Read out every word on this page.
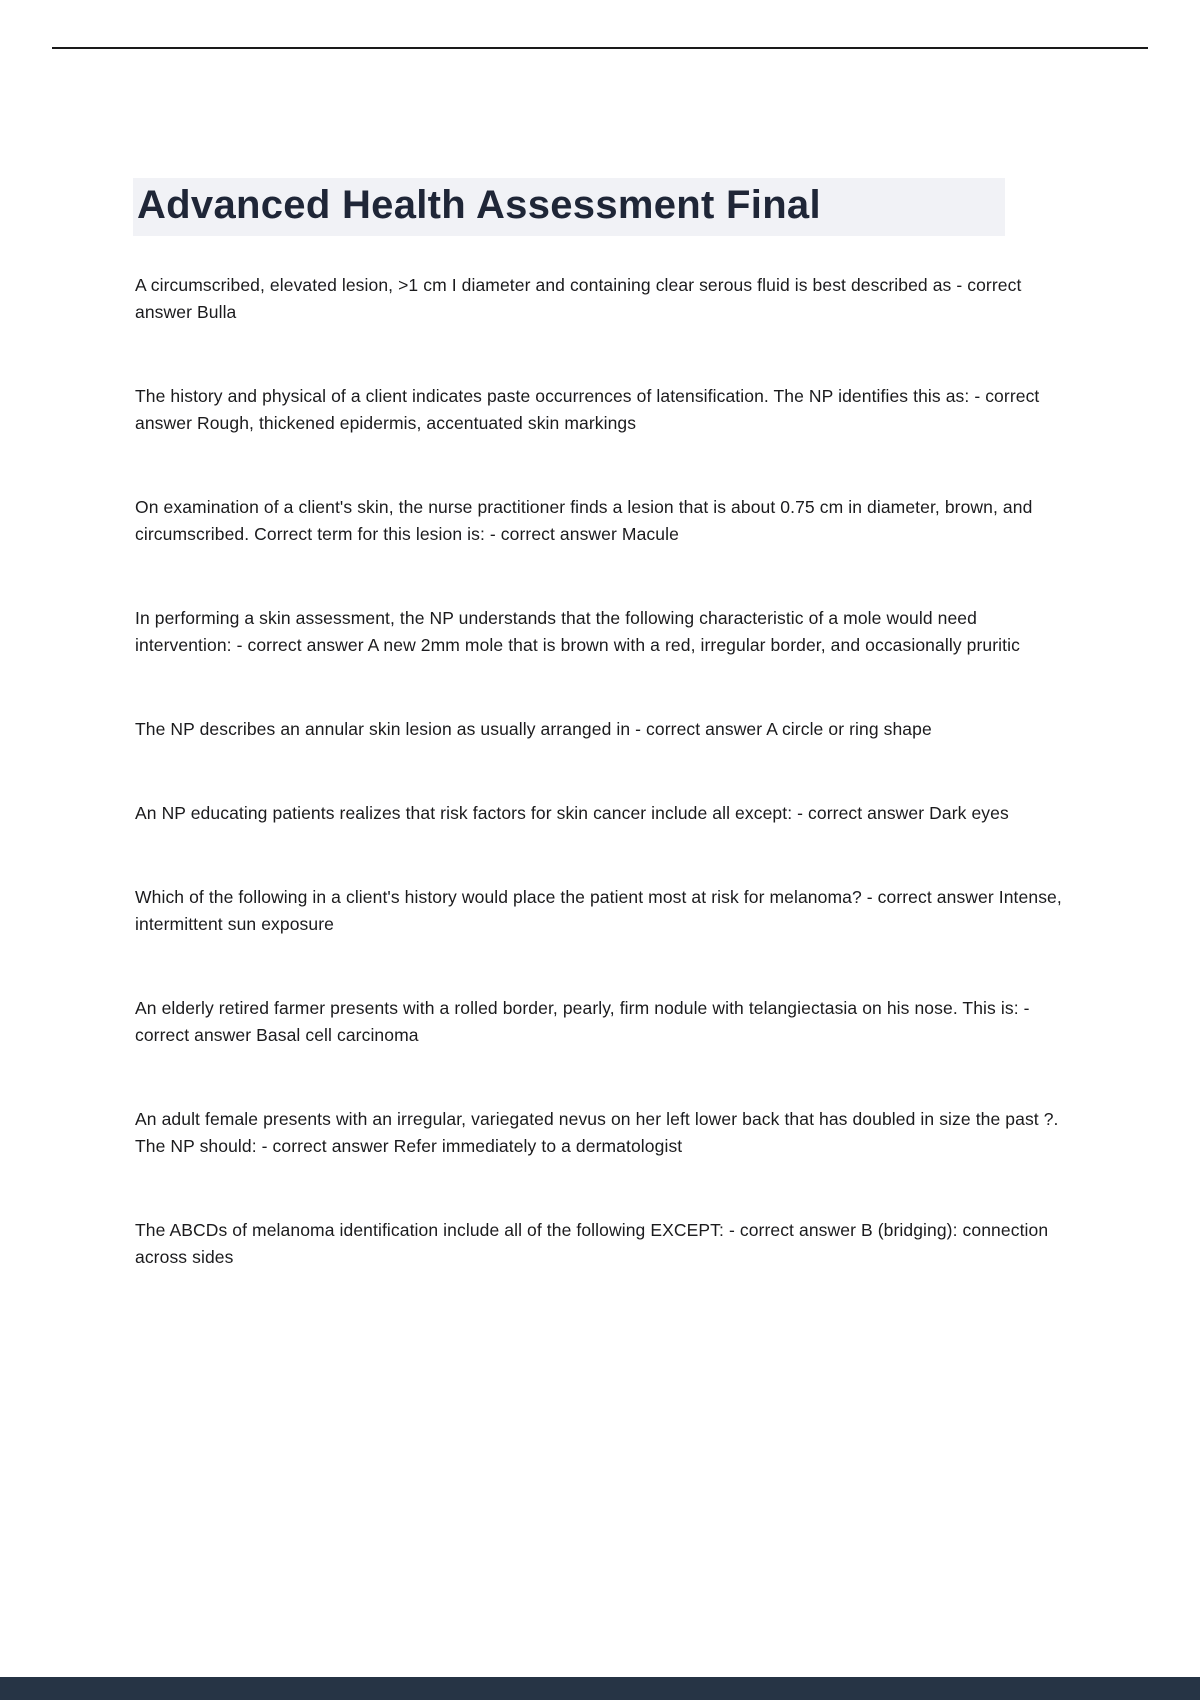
Advanced Health Assessment Final

A circumscribed, elevated lesion, >1 cm I diameter and containing clear serous fluid is best described as - correct answer Bulla

The history and physical of a client indicates paste occurrences of latensification. The NP identifies this as: - correct answer Rough, thickened epidermis, accentuated skin markings

On examination of a client's skin, the nurse practitioner finds a lesion that is about 0.75 cm in diameter, brown, and circumscribed. Correct term for this lesion is: - correct answer Macule

In performing a skin assessment, the NP understands that the following characteristic of a mole would need intervention: - correct answer A new 2mm mole that is brown with a red, irregular border, and occasionally pruritic

The NP describes an annular skin lesion as usually arranged in - correct answer A circle or ring shape

An NP educating patients realizes that risk factors for skin cancer include all except: - correct answer Dark eyes

Which of the following in a client's history would place the patient most at risk for melanoma? - correct answer Intense, intermittent sun exposure

An elderly retired farmer presents with a rolled border, pearly, firm nodule with telangiectasia on his nose. This is: - correct answer Basal cell carcinoma

An adult female presents with an irregular, variegated nevus on her left lower back that has doubled in size the past ?. The NP should: - correct answer Refer immediately to a dermatologist

The ABCDs of melanoma identification include all of the following EXCEPT: - correct answer B (bridging): connection across sides
